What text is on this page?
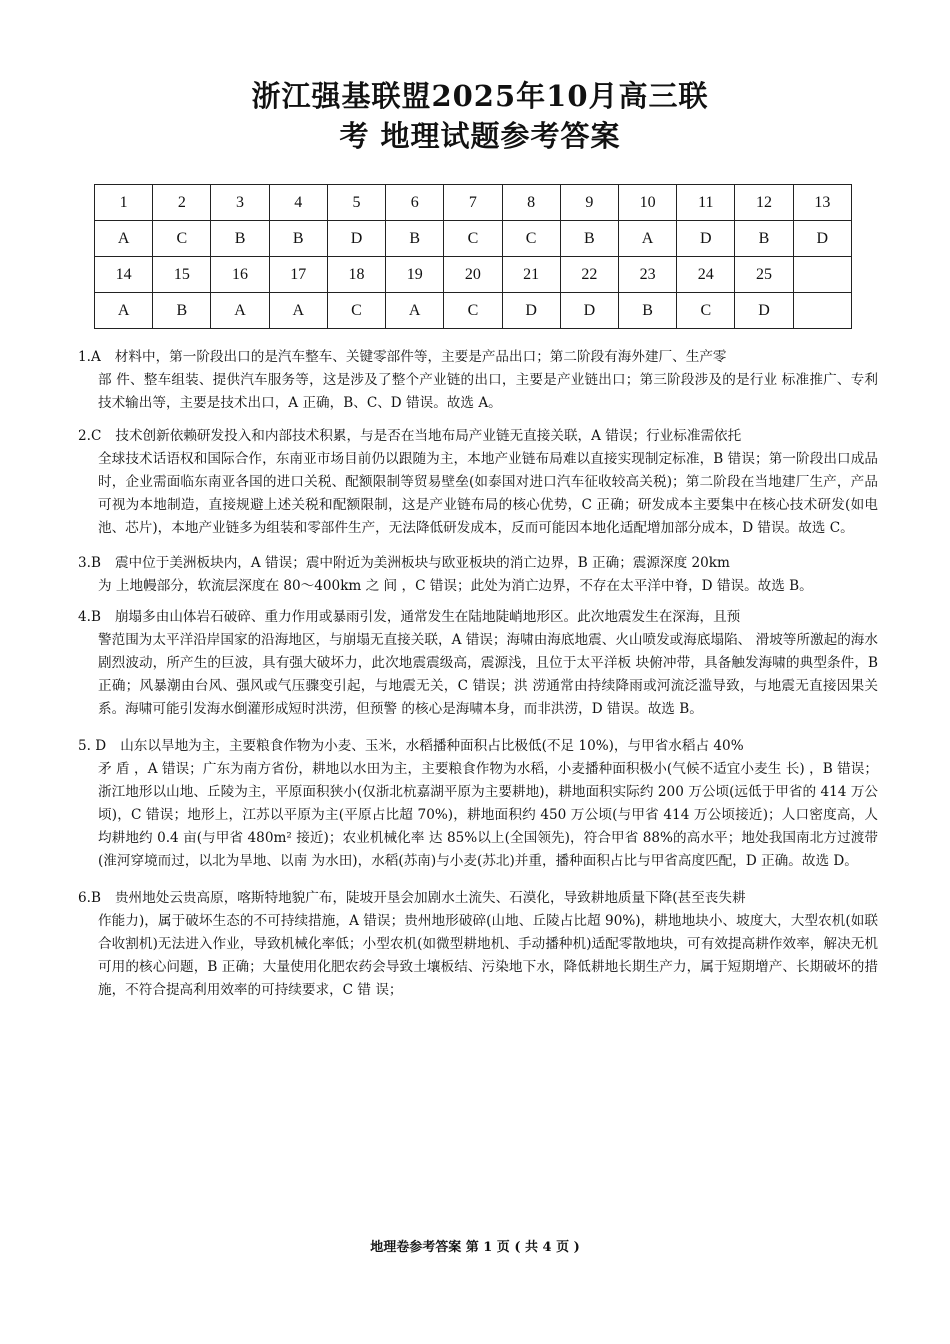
浙江强基联盟2025年10月高三联
考 地理试题参考答案
1	2	3	4	5	6	7	8	9	10	11	12	13
A	C	B	B	D	B	C	C	B	A	D	B	D
14	15	16	17	18	19	20	21	22	23	24	25	
A	B	A	A	C	A	C	D	D	B	C	D	

1.A 材料中，第一阶段出口的是汽车整车、关键零部件等，主要是产品出口；第二阶段有海外建厂、生产零

部 件、整车组装、提供汽车服务等，这是涉及了整个产业链的出口，主要是产业链出口；第三阶段涉及的是行业 标准推广、专利技术输出等，主要是技术出口，A 正确，B、C、D 错误。故选 A。

2.C 技术创新依赖研发投入和内部技术积累，与是否在当地布局产业链无直接关联，A 错误；行业标准需依托

全球技术话语权和国际合作，东南亚市场目前仍以跟随为主，本地产业链布局难以直接实现制定标准，B 错误；第一阶段出口成品时，企业需面临东南亚各国的进口关税、配额限制等贸易壁垒(如泰国对进口汽车征收较高关税)；第二阶段在当地建厂生产，产品可视为本地制造，直接规避上述关税和配额限制，这是产业链布局的核心优势，C 正确；研发成本主要集中在核心技术研发(如电池、芯片)，本地产业链多为组装和零部件生产，无法降低研发成本，反而可能因本地化适配增加部分成本，D 错误。故选 C。

3.B 震中位于美洲板块内，A 错误；震中附近为美洲板块与欧亚板块的消亡边界，B 正确；震源深度 20km

为 上地幔部分，软流层深度在 80～400km 之 间 ，C 错误；此处为消亡边界，不存在太平洋中脊，D 错误。故选 B。

4.B 崩塌多由山体岩石破碎、重力作用或暴雨引发，通常发生在陆地陡峭地形区。此次地震发生在深海，且预

警范围为太平洋沿岸国家的沿海地区，与崩塌无直接关联，A 错误；海啸由海底地震、火山喷发或海底塌陷、 滑坡等所激起的海水剧烈波动，所产生的巨波，具有强大破坏力，此次地震震级高，震源浅，且位于太平洋板 块俯冲带，具备触发海啸的典型条件，B 正确；风暴潮由台风、强风或气压骤变引起，与地震无关，C 错误；洪 涝通常由持续降雨或河流泛滥导致，与地震无直接因果关系。海啸可能引发海水倒灌形成短时洪涝，但预警 的核心是海啸本身，而非洪涝，D 错误。故选 B。

5. D 山东以旱地为主，主要粮食作物为小麦、玉米，水稻播种面积占比极低(不足 10%)，与甲省水稻占 40%

矛 盾 ，A 错误；广东为南方省份，耕地以水田为主，主要粮食作物为水稻，小麦播种面积极小(气候不适宜小麦生 长) ，B 错误；浙江地形以山地、丘陵为主，平原面积狭小(仅浙北杭嘉湖平原为主要耕地)，耕地面积实际约 200 万公顷(远低于甲省的 414 万公顷)，C 错误；地形上，江苏以平原为主(平原占比超 70%)，耕地面积约 450 万公顷(与甲省 414 万公顷接近)；人口密度高，人均耕地约 0.4 亩(与甲省 480m² 接近)；农业机械化率 达 85%以上(全国领先)，符合甲省 88%的高水平；地处我国南北方过渡带(淮河穿境而过，以北为旱地、以南 为水田)，水稻(苏南)与小麦(苏北)并重，播种面积占比与甲省高度匹配，D 正确。故选 D。

6.B 贵州地处云贵高原，喀斯特地貌广布，陡坡开垦会加剧水土流失、石漠化，导致耕地质量下降(甚至丧失耕

作能力)，属于破坏生态的不可持续措施，A 错误；贵州地形破碎(山地、丘陵占比超 90%)，耕地地块小、坡度大，大型农机(如联合收割机)无法进入作业，导致机械化率低；小型农机(如微型耕地机、手动播种机)适配零散地块，可有效提高耕作效率，解决无机可用的核心问题，B 正确；大量使用化肥农药会导致土壤板结、污染地下水，降低耕地长期生产力，属于短期增产、长期破坏的措施，不符合提高利用效率的可持续要求，C 错 误；
地理卷参考答案 第 1 页 ( 共 4 页 )
